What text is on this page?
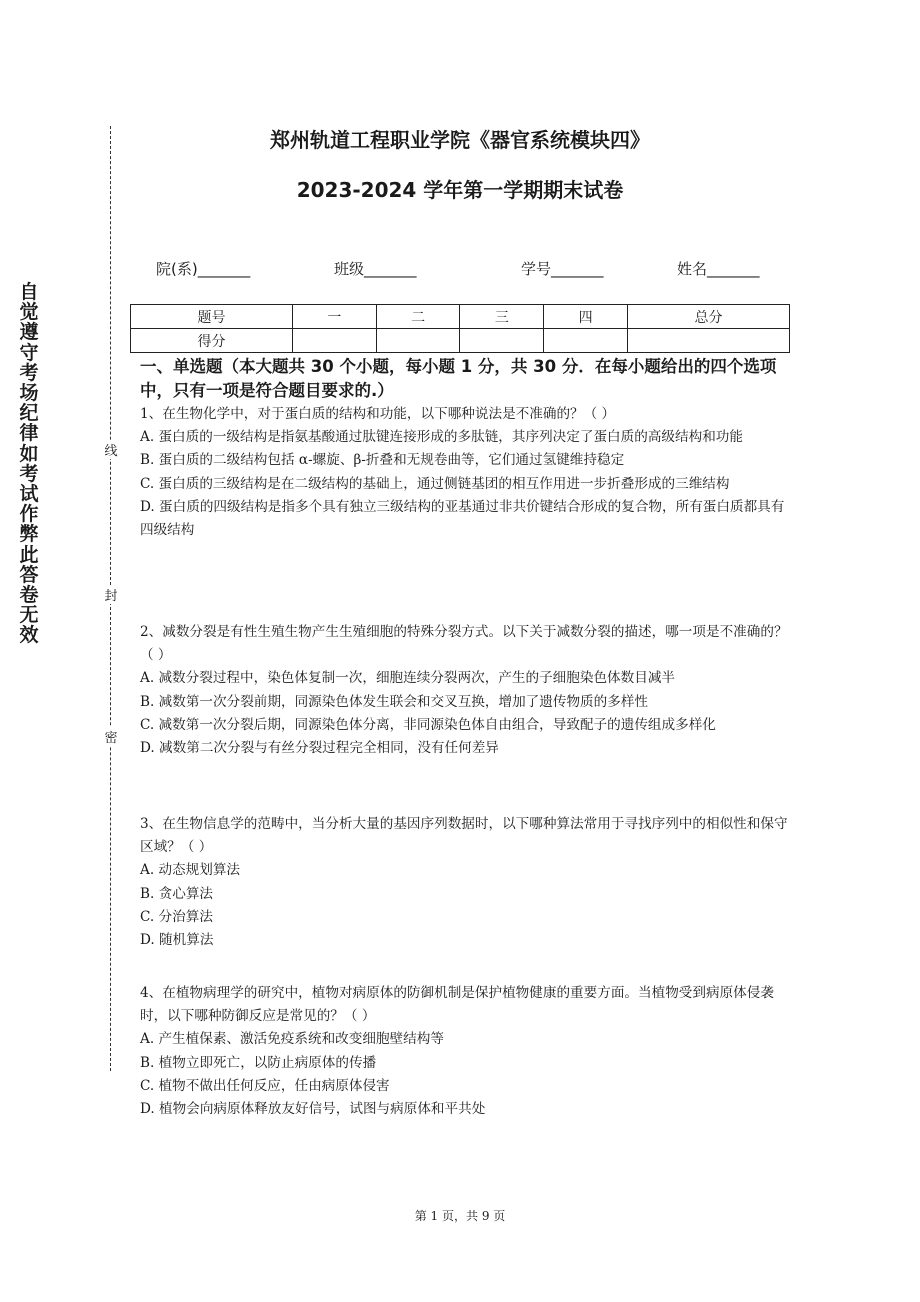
自
觉
遵
守
考
场
纪
律
如
考
试
作
弊
此
答
卷
无
效
线
封
密
郑州轨道工程职业学院《器官系统模块四》
2023-2024 学年第一学期期末试卷
院(系)_______	班级_______	学号_______	姓名_______
题号	一	二	三	四	总分
得分					
一、单选题（本大题共 30 个小题，每小题 1 分，共 30 分．在每小题给出的四个选项中，只有一项是符合题目要求的.）

1、在生物化学中，对于蛋白质的结构和功能，以下哪种说法是不准确的？（ ）

A. 蛋白质的一级结构是指氨基酸通过肽键连接形成的多肽链，其序列决定了蛋白质的高级结构和功能

B. 蛋白质的二级结构包括 α-螺旋、β-折叠和无规卷曲等，它们通过氢键维持稳定

C. 蛋白质的三级结构是在二级结构的基础上，通过侧链基团的相互作用进一步折叠形成的三维结构

D. 蛋白质的四级结构是指多个具有独立三级结构的亚基通过非共价键结合形成的复合物，所有蛋白质都具有四级结构

2、减数分裂是有性生殖生物产生生殖细胞的特殊分裂方式。以下关于减数分裂的描述，哪一项是不准确的？（ ）

A. 减数分裂过程中，染色体复制一次，细胞连续分裂两次，产生的子细胞染色体数目减半

B. 减数第一次分裂前期，同源染色体发生联会和交叉互换，增加了遗传物质的多样性

C. 减数第一次分裂后期，同源染色体分离，非同源染色体自由组合，导致配子的遗传组成多样化

D. 减数第二次分裂与有丝分裂过程完全相同，没有任何差异

3、在生物信息学的范畴中，当分析大量的基因序列数据时，以下哪种算法常用于寻找序列中的相似性和保守区域？（ ）

A. 动态规划算法

B. 贪心算法

C. 分治算法

D. 随机算法

4、在植物病理学的研究中，植物对病原体的防御机制是保护植物健康的重要方面。当植物受到病原体侵袭时，以下哪种防御反应是常见的？（ ）

A. 产生植保素、激活免疫系统和改变细胞壁结构等

B. 植物立即死亡，以防止病原体的传播

C. 植物不做出任何反应，任由病原体侵害

D. 植物会向病原体释放友好信号，试图与病原体和平共处

第 1 页，共 9 页
